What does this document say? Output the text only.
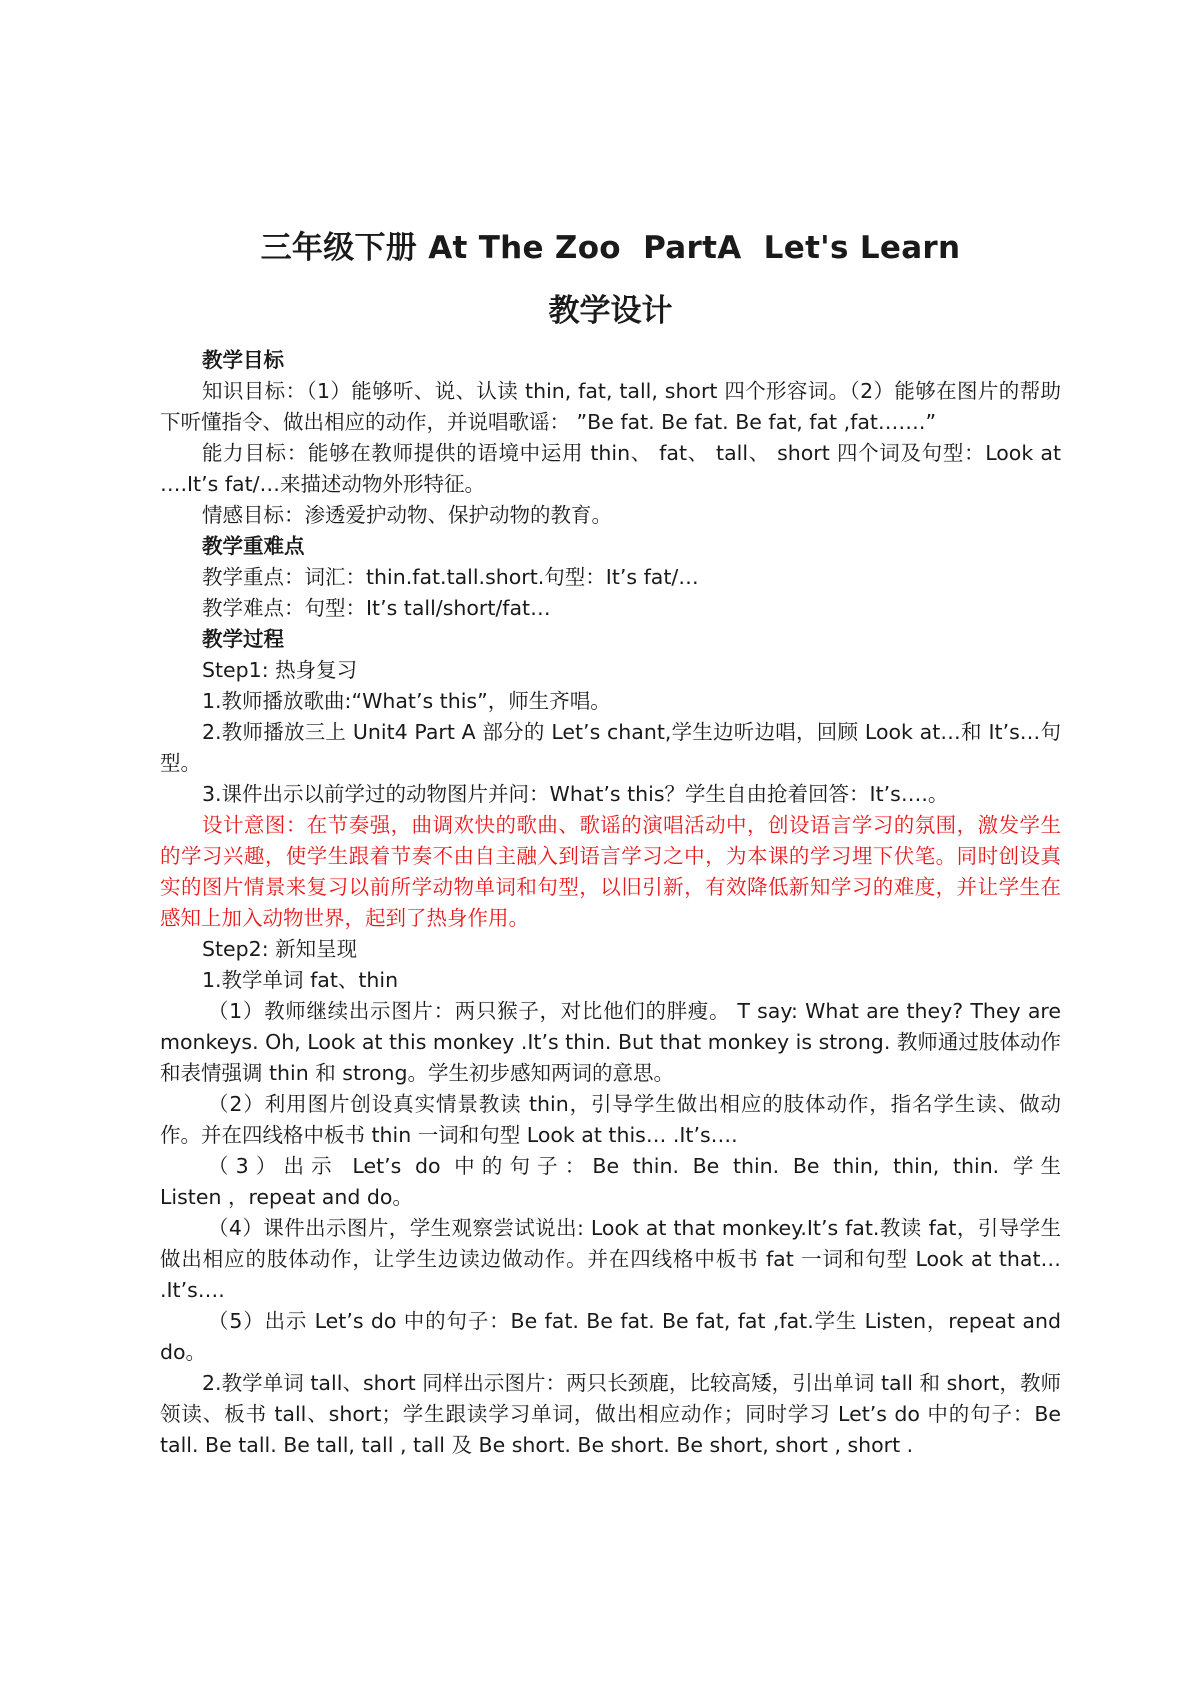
三年级下册 At The Zoo  PartA  Let's Learn
教学设计

教学目标

知识目标：（1）能够听、说、认读 thin, fat, tall, short 四个形容词。（2）能够在图片的帮助下听懂指令、做出相应的动作，并说唱歌谣： ”Be fat. Be fat. Be fat, fat ,fat…….”

能力目标：能够在教师提供的语境中运用 thin、 fat、 tall、 short 四个词及句型：Look at ….It’s fat/…来描述动物外形特征。

情感目标：渗透爱护动物、保护动物的教育。

教学重难点

教学重点：词汇：thin.fat.tall.short.句型：It’s fat/…

教学难点：句型：It’s tall/short/fat…

教学过程

Step1: 热身复习

1.教师播放歌曲:“What’s this”，师生齐唱。

2.教师播放三上 Unit4 Part A 部分的 Let’s chant,学生边听边唱，回顾 Look at…和 It’s…句型。

3.课件出示以前学过的动物图片并问：What’s this？学生自由抢着回答：It’s….。

设计意图：在节奏强，曲调欢快的歌曲、歌谣的演唱活动中，创设语言学习的氛围，激发学生的学习兴趣，使学生跟着节奏不由自主融入到语言学习之中，为本课的学习埋下伏笔。同时创设真实的图片情景来复习以前所学动物单词和句型，以旧引新，有效降低新知学习的难度，并让学生在感知上加入动物世界，起到了热身作用。

Step2: 新知呈现

1.教学单词 fat、thin

（1）教师继续出示图片：两只猴子，对比他们的胖瘦。 T say: What are they? They are monkeys. Oh, Look at this monkey .It’s thin. But that monkey is strong. 教师通过肢体动作和表情强调 thin 和 strong。学生初步感知两词的意思。

（2）利用图片创设真实情景教读 thin，引导学生做出相应的肢体动作，指名学生读、做动作。并在四线格中板书 thin 一词和句型 Look at this… .It’s….

（3）出示 Let’s do 中的句子：Be thin. Be thin. Be thin, thin, thin. 学生

Listen ，repeat and do。

（4）课件出示图片，学生观察尝试说出: Look at that monkey.It’s fat.教读 fat，引导学生做出相应的肢体动作，让学生边读边做动作。并在四线格中板书 fat 一词和句型 Look at that… .It’s….

（5）出示 Let’s do 中的句子：Be fat. Be fat. Be fat, fat ,fat.学生 Listen，repeat and do。

2.教学单词 tall、short 同样出示图片：两只长颈鹿，比较高矮，引出单词 tall 和 short，教师领读、板书 tall、short；学生跟读学习单词，做出相应动作；同时学习 Let’s do 中的句子：Be tall. Be tall. Be tall, tall , tall 及 Be short. Be short. Be short, short , short .
